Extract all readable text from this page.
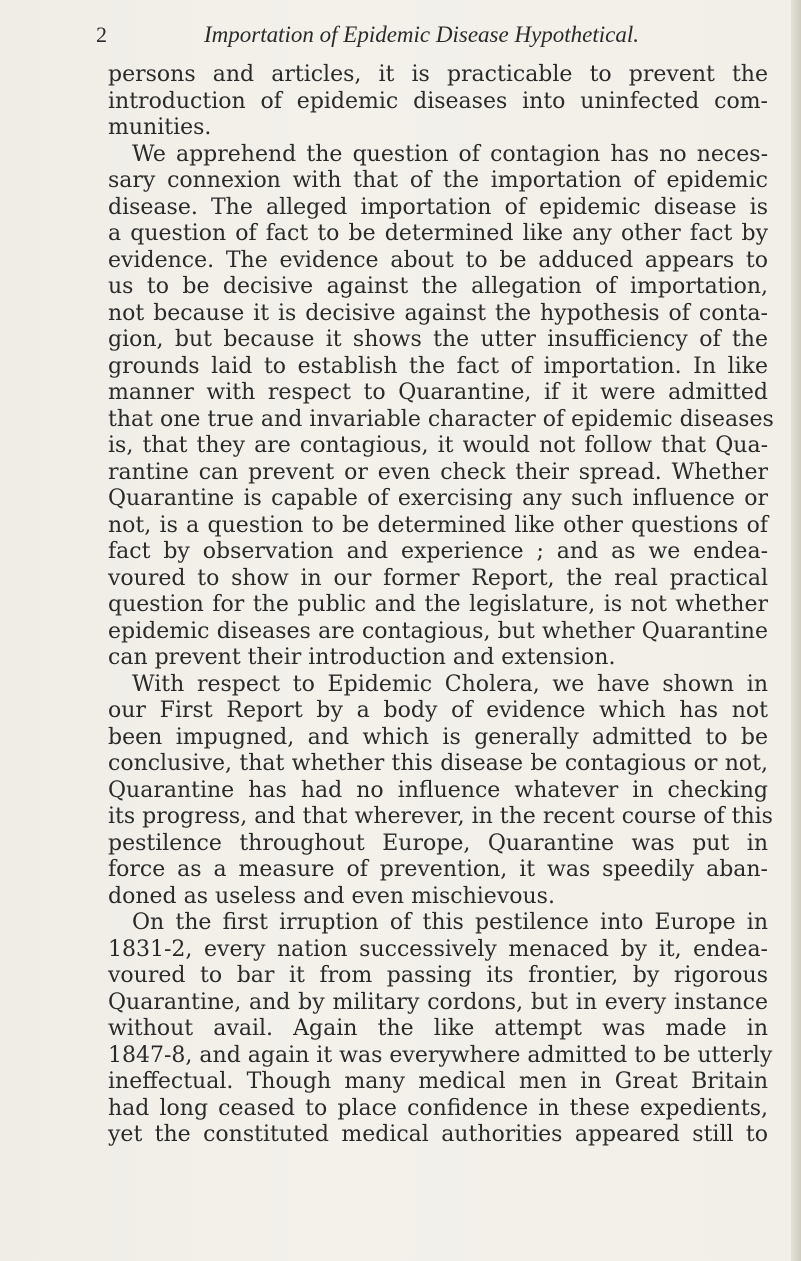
2	Importation of Epidemic Disease Hypothetical.
persons and articles, it is practicable to prevent the
introduction of epidemic diseases into uninfected com-
munities.
We apprehend the question of contagion has no neces-
sary connexion with that of the importation of epidemic
disease. The alleged importation of epidemic disease is
a question of fact to be determined like any other fact by
evidence. The evidence about to be adduced appears to
us to be decisive against the allegation of importation,
not because it is decisive against the hypothesis of conta-
gion, but because it shows the utter insufficiency of the
grounds laid to establish the fact of importation. In like
manner with respect to Quarantine, if it were admitted
that one true and invariable character of epidemic diseases
is, that they are contagious, it would not follow that Qua-
rantine can prevent or even check their spread. Whether
Quarantine is capable of exercising any such influence or
not, is a question to be determined like other questions of
fact by observation and experience ; and as we endea-
voured to show in our former Report, the real practical
question for the public and the legislature, is not whether
epidemic diseases are contagious, but whether Quarantine
can prevent their introduction and extension.
With respect to Epidemic Cholera, we have shown in
our First Report by a body of evidence which has not
been impugned, and which is generally admitted to be
conclusive, that whether this disease be contagious or not,
Quarantine has had no influence whatever in checking
its progress, and that wherever, in the recent course of this
pestilence throughout Europe, Quarantine was put in
force as a measure of prevention, it was speedily aban-
doned as useless and even mischievous.
On the first irruption of this pestilence into Europe in
1831-2, every nation successively menaced by it, endea-
voured to bar it from passing its frontier, by rigorous
Quarantine, and by military cordons, but in every instance
without avail. Again the like attempt was made in
1847-8, and again it was everywhere admitted to be utterly
ineffectual. Though many medical men in Great Britain
had long ceased to place confidence in these expedients,
yet the constituted medical authorities appeared still to
